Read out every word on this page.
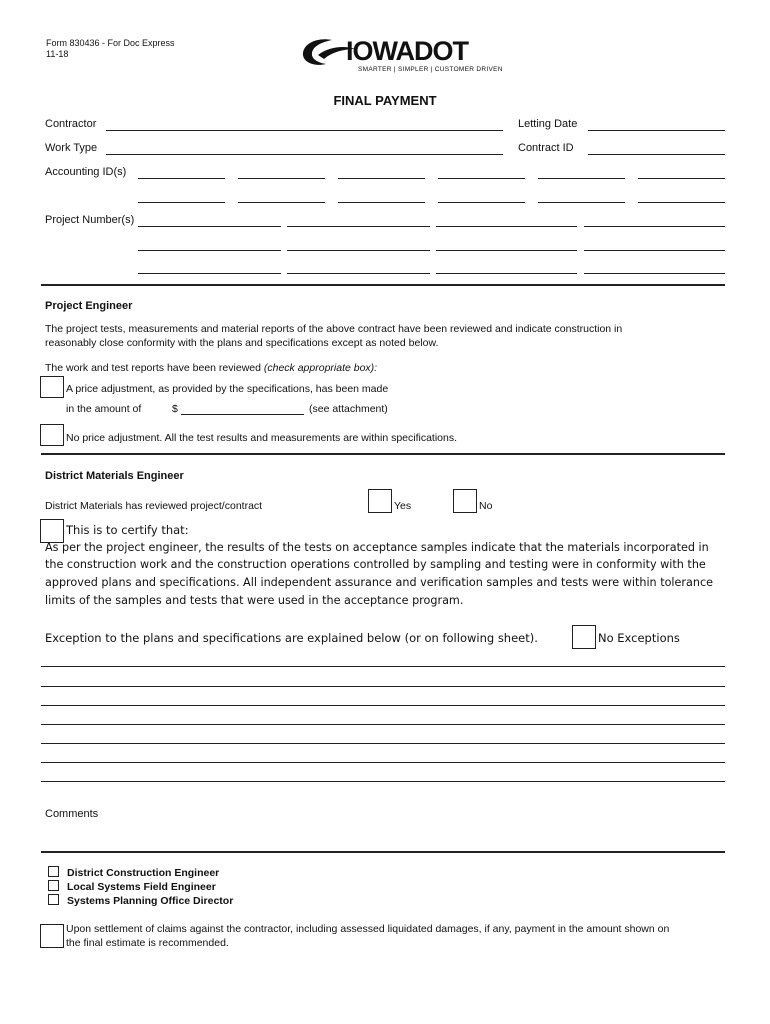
Form 830436 - For Doc Express
11-18	IOWADOT
SMARTER | SIMPLER | CUSTOMER DRIVEN
FINAL PAYMENT
Contractor	Letting Date
Work Type	Contract ID
Accounting ID(s)
Project Number(s)
Project Engineer
The project tests, measurements and material reports of the above contract have been reviewed and indicate construction in
reasonably close conformity with the plans and specifications except as noted below.
The work and test reports have been reviewed (check appropriate box):
A price adjustment, as provided by the specifications, has been made
in the amount of	$	(see attachment)
No price adjustment. All the test results and measurements are within specifications.
District Materials Engineer
District Materials has reviewed project/contract	Yes	No
This is to certify that:
As per the project engineer, the results of the tests on acceptance samples indicate that the materials incorporated in
the construction work and the construction operations controlled by sampling and testing were in conformity with the
approved plans and specifications. All independent assurance and verification samples and tests were within tolerance
limits of the samples and tests that were used in the acceptance program.
Exception to the plans and specifications are explained below (or on following sheet).	No Exceptions
Comments
District Construction Engineer
Local Systems Field Engineer
Systems Planning Office Director
Upon settlement of claims against the contractor, including assessed liquidated damages, if any, payment in the amount shown on
the final estimate is recommended.
